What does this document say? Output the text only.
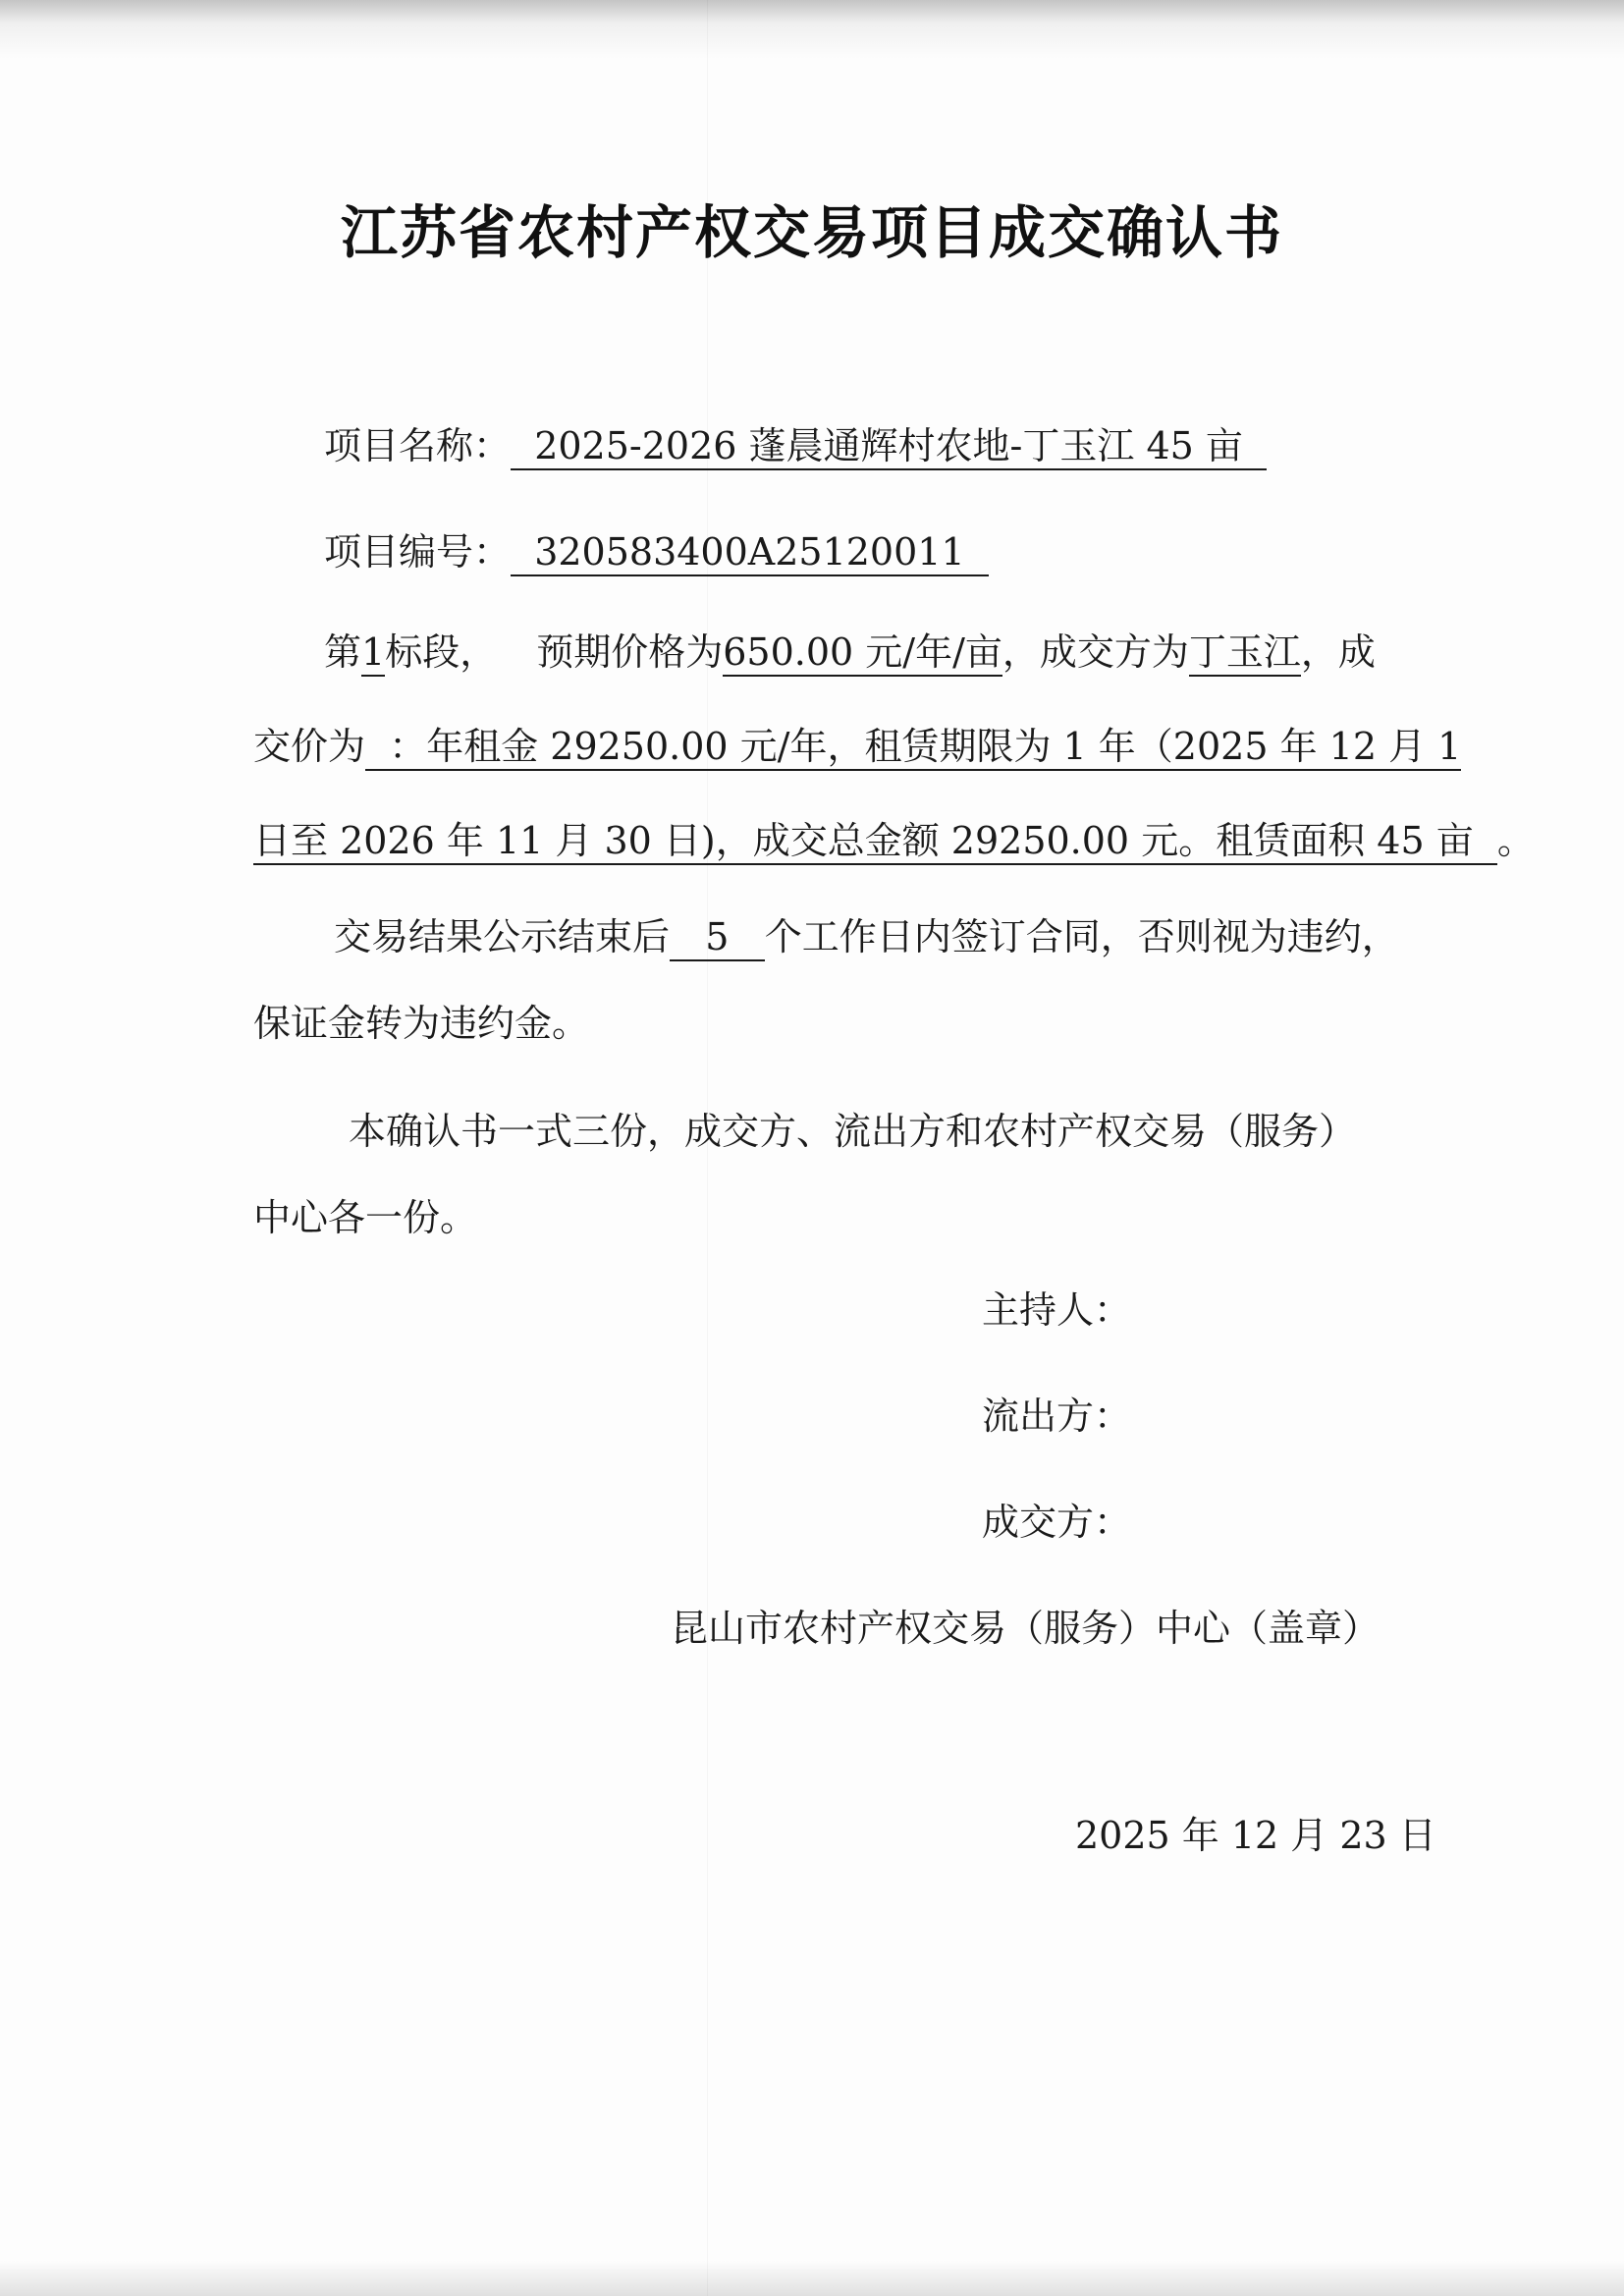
江苏省农村产权交易项目成交确认书
项目名称： 2025-2026 蓬晨通辉村农地-丁玉江 45 亩
项目编号： 320583400A25120011
第1标段， 预期价格为650.00 元/年/亩，成交方为丁玉江，成
交价为 ：年租金 29250.00 元/年，租赁期限为 1 年（2025 年 12 月 1
日至 2026 年 11 月 30 日)，成交总金额 29250.00 元。租赁面积 45 亩 。
交易结果公示结束后 5 个工作日内签订合同，否则视为违约，
保证金转为违约金。
本确认书一式三份，成交方、流出方和农村产权交易（服务）
中心各一份。
主持人：
流出方：
成交方：
昆山市农村产权交易（服务）中心（盖章）
2025 年 12 月 23 日
